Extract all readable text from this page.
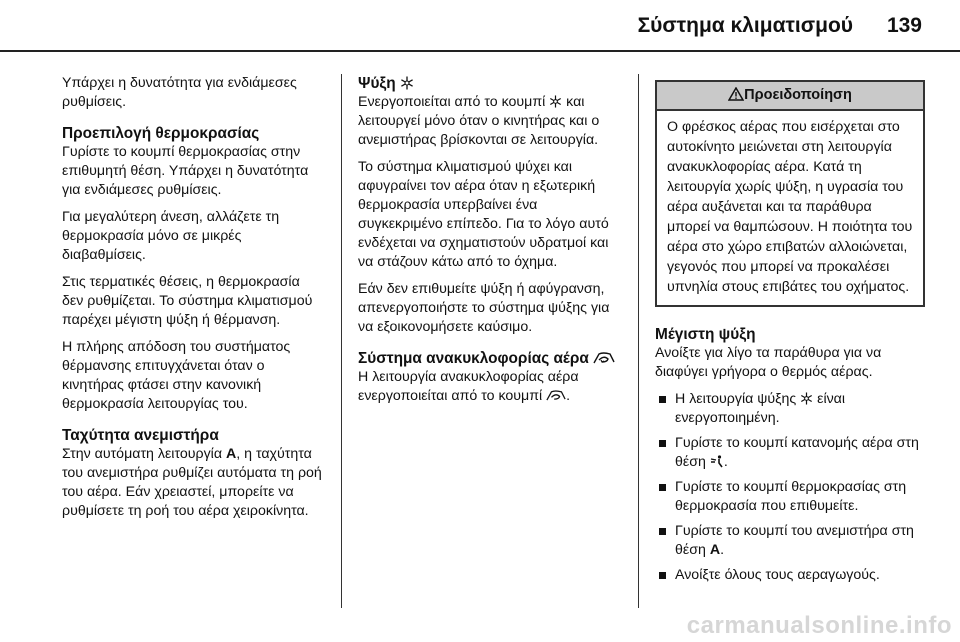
Σύστημα κλιματισμού 139

Υπάρχει η δυνατότητα για ενδιάμεσες ρυθμίσεις.

Προεπιλογή θερμοκρασίας

Γυρίστε το κουμπί θερμοκρασίας στην επιθυμητή θέση. Υπάρχει η δυνατότητα για ενδιάμεσες ρυθμίσεις.

Για μεγαλύτερη άνεση, αλλάζετε τη θερμοκρασία μόνο σε μικρές διαβαθμίσεις.

Στις τερματικές θέσεις, η θερμοκρασία δεν ρυθμίζεται. Το σύστημα κλιματισμού παρέχει μέγιστη ψύξη ή θέρμανση.

Η πλήρης απόδοση του συστήματος θέρμανσης επιτυγχάνεται όταν ο κινητήρας φτάσει στην κανονική θερμοκρασία λειτουργίας του.

Ταχύτητα ανεμιστήρα

Στην αυτόματη λειτουργία A, η ταχύτητα του ανεμιστήρα ρυθμίζει αυτόματα τη ροή του αέρα. Εάν χρειαστεί, μπορείτε να ρυθμίσετε τη ροή του αέρα χειροκίνητα.

Ψύξη

Ενεργοποιείται από το κουμπί  και λειτουργεί μόνο όταν ο κινητήρας και ο ανεμιστήρας βρίσκονται σε λειτουργία.

Το σύστημα κλιματισμού ψύχει και αφυγραίνει τον αέρα όταν η εξωτερική θερμοκρασία υπερβαίνει ένα συγκεκριμένο επίπεδο. Για το λόγο αυτό ενδέχεται να σχηματιστούν υδρατμοί και να στάζουν κάτω από το όχημα.

Εάν δεν επιθυμείτε ψύξη ή αφύγρανση, απενεργοποιήστε το σύστημα ψύξης για να εξοικονομήσετε καύσιμο.

Σύστημα ανακυκλοφορίας αέρα

Η λειτουργία ανακυκλοφορίας αέρα ενεργοποιείται από το κουμπί .

Προειδοποίηση
Ο φρέσκος αέρας που εισέρχεται στο αυτοκίνητο μειώνεται στη λειτουργία ανακυκλοφορίας αέρα. Κατά τη λειτουργία χωρίς ψύξη, η υγρασία του αέρα αυξάνεται και τα παράθυρα μπορεί να θαμπώσουν. Η ποιότητα του αέρα στο χώρο επιβατών αλλοιώνεται, γεγονός που μπορεί να προκαλέσει υπνηλία στους επιβάτες του οχήματος.
Μέγιστη ψύξη

Ανοίξτε για λίγο τα παράθυρα για να διαφύγει γρήγορα ο θερμός αέρας.

Η λειτουργία ψύξης  είναι ενεργοποιημένη.
Γυρίστε το κουμπί κατανομής αέρα στη θέση .
Γυρίστε το κουμπί θερμοκρασίας στη θερμοκρασία που επιθυμείτε.
Γυρίστε το κουμπί του ανεμιστήρα στη θέση A.
Ανοίξτε όλους τους αεραγωγούς.
carmanualsonline.info
